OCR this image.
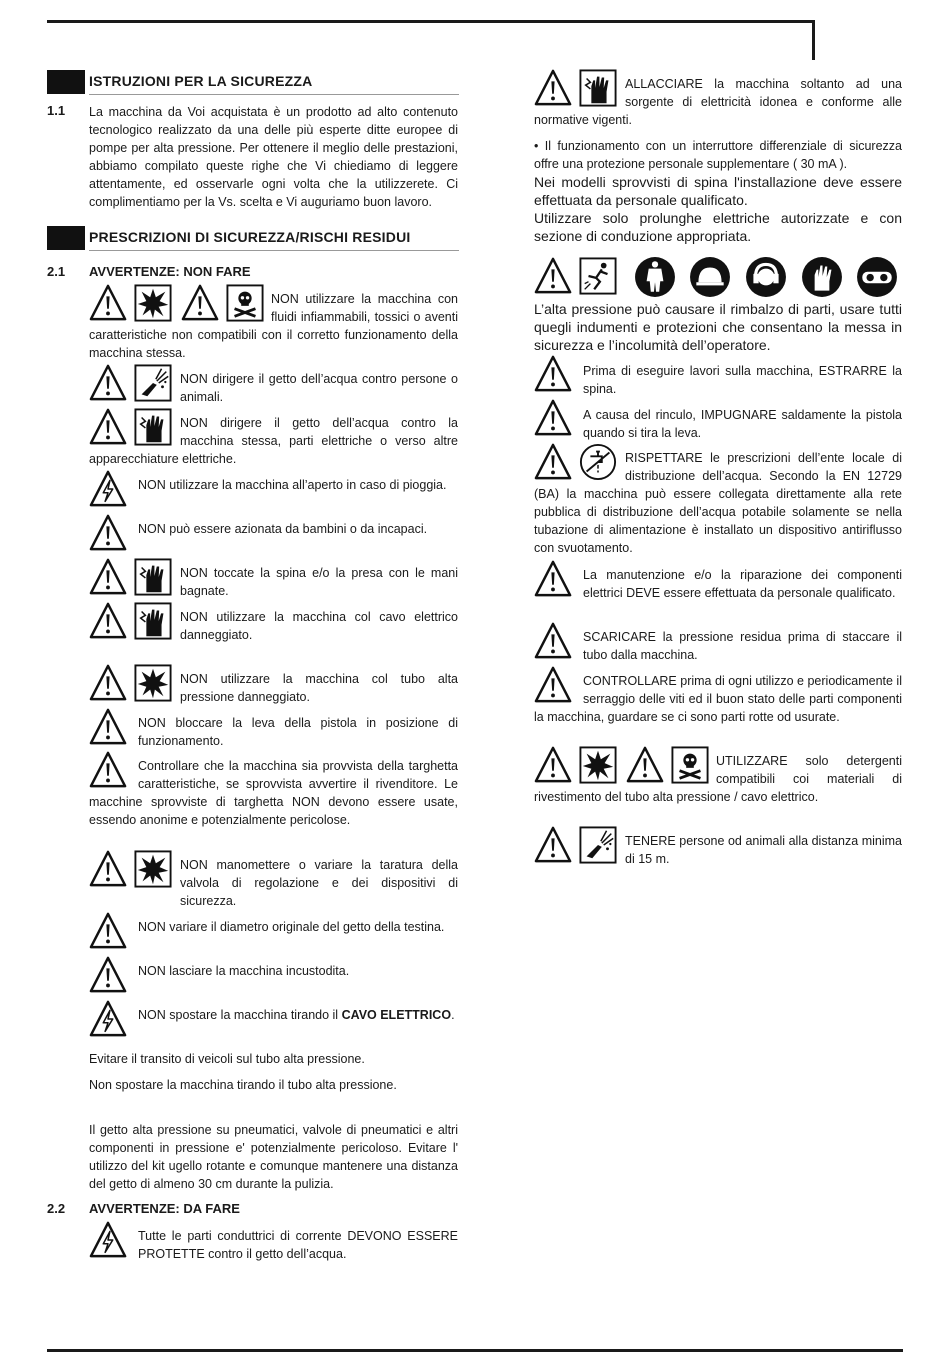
ISTRUZIONI PER LA SICUREZZA
1.1 La macchina da Voi acquistata è un prodotto ad alto contenuto tecnologico realizzato da una delle più esperte ditte europee di pompe per alta pressione. Per ottenere il meglio delle prestazioni, abbiamo compilato queste righe che Vi chiediamo di leggere attentamente, ed osservarle ogni volta che la utilizzerete. Ci complimentiamo per la Vs. scelta e Vi auguriamo buon lavoro.
PRESCRIZIONI DI SICUREZZA/RISCHI RESIDUI
2.1 AVVERTENZE: NON FARE
NON utilizzare la macchina con fluidi infiammabili, tossici o aventi caratteristiche non compatibili con il corretto funzionamento della macchina stessa.
NON dirigere il getto dell’acqua contro persone o animali.
NON dirigere il getto dell’acqua contro la macchina stessa, parti elettriche o verso altre apparecchiature elettriche.
NON utilizzare la macchina all’aperto in caso di pioggia.
NON può essere azionata da bambini o da incapaci.
NON toccate la spina e/o la presa con le mani bagnate.
NON utilizzare la macchina col cavo elettrico danneggiato.
NON utilizzare la macchina col tubo alta pressione danneggiato.
NON bloccare la leva della pistola in posizione di funzionamento.
Controllare che la macchina sia provvista della targhetta caratteristiche, se sprovvista avvertire il rivenditore. Le macchine sprovviste di targhetta NON devono essere usate, essendo anonime e potenzialmente pericolose.
NON manomettere o variare la taratura della valvola di regolazione e dei dispositivi di sicurezza.
NON variare il diametro originale del getto della testina.
NON lasciare la macchina incustodita.
NON spostare la macchina tirando il CAVO ELETTRICO.
Evitare il transito di veicoli sul tubo alta pressione.
Non spostare la macchina tirando il tubo alta pressione.
Il getto alta pressione su pneumatici, valvole di pneumatici e altri componenti in pressione e' potenzialmente pericoloso. Evitare l' utilizzo del kit ugello rotante e comunque mantenere una distanza del getto di almeno 30 cm durante la pulizia.
2.2 AVVERTENZE: DA FARE
Tutte le parti conduttrici di corrente DEVONO ESSERE PROTETTE contro il getto dell’acqua.
ALLACCIARE la macchina soltanto ad una sorgente di elettricità idonea e conforme alle normative vigenti.
• Il funzionamento con un interruttore differenziale di sicurezza offre una protezione personale supplementare ( 30 mA ).
Nei modelli sprovvisti di spina l'installazione deve essere effettuata da personale qualificato.
Utilizzare solo prolunghe elettriche autorizzate e con sezione di conduzione appropriata.
L’alta pressione può causare il rimbalzo di parti, usare tutti quegli indumenti e protezioni che consentano la messa in sicurezza e l’incolumità dell’operatore.
Prima di eseguire lavori sulla macchina, ESTRARRE la spina.
A causa del rinculo, IMPUGNARE saldamente la pistola quando si tira la leva.
RISPETTARE le prescrizioni dell’ente locale di distribuzione dell’acqua. Secondo la EN 12729 (BA) la macchina può essere collegata direttamente alla rete pubblica di distribuzione dell’acqua potabile solamente se nella tubazione di alimentazione è installato un dispositivo antiriflusso con svuotamento.
La manutenzione e/o la riparazione dei componenti elettrici DEVE essere effettuata da personale qualificato.
SCARICARE la pressione residua prima di staccare il tubo dalla macchina.
CONTROLLARE prima di ogni utilizzo e periodicamente il serraggio delle viti ed il buon stato delle parti componenti la macchina, guardare se ci sono parti rotte od usurate.
UTILIZZARE solo detergenti compatibili coi materiali di rivestimento del tubo alta pressione / cavo elettrico.
TENERE persone od animali alla distanza minima di 15 m.
